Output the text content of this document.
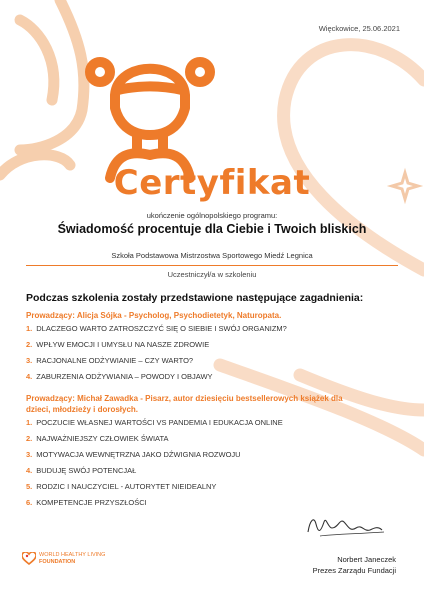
Więckowice, 25.06.2021
Certyfikat
ukończenie ogólnopolskiego programu:
Świadomość procentuje dla Ciebie i Twoich bliskich
Szkoła Podstawowa Mistrzostwa Sportowego Miedź Legnica
Uczestniczył/a w szkoleniu
Podczas szkolenia zostały przedstawione następujące zagadnienia:
Prowadzący: Alicja Sójka - Psycholog, Psychodietetyk, Naturopata.
1. DLACZEGO WARTO ZATROSZCZYĆ SIĘ O SIEBIE I SWÓJ ORGANIZM?
2. WPŁYW EMOCJI I UMYSŁU NA NASZE ZDROWIE
3. RACJONALNE ODŻYWIANIE – CZY WARTO?
4. ZABURZENIA ODŻYWIANIA – POWODY I OBJAWY
Prowadzący: Michał Zawadka - Pisarz, autor dziesięciu bestsellerowych książek dla dzieci, młodzieży i dorosłych.
1. POCZUCIE WŁASNEJ WARTOŚCI VS PANDEMIA I EDUKACJA ONLINE
2. NAJWAŻNIEJSZY CZŁOWIEK ŚWIATA
3. MOTYWACJA WEWNĘTRZNA JAKO DŹWIGNIA ROZWOJU
4. BUDUJĘ SWÓJ POTENCJAŁ
5. RODZIC I NAUCZYCIEL - AUTORYTET NIEIDEALNY
6. KOMPETENCJE PRZYSZŁOŚCI
WORLD HEALTHY LIVING
FOUNDATION	Norbert Janeczek
Prezes Zarządu Fundacji
